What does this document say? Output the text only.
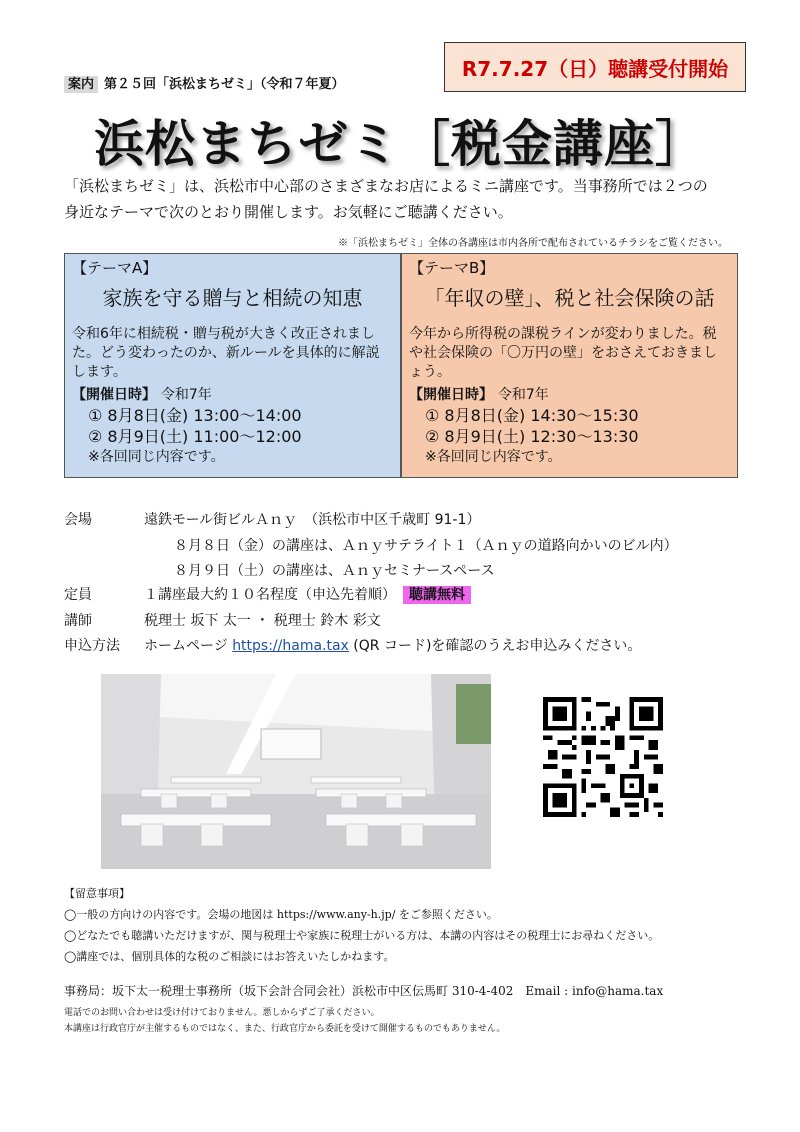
R7.7.27（日）聴講受付開始
案内 第２５回「浜松まちゼミ」（令和７年夏）
浜松まちゼミ［税金講座］
「浜松まちゼミ」は、浜松市中心部のさまざまなお店によるミニ講座です。当事務所では２つの
身近なテーマで次のとおり開催します。お気軽にご聴講ください。
※「浜松まちゼミ」全体の各講座は市内各所で配布されているチラシをご覧ください。
【テーマA】
家族を守る贈与と相続の知恵
令和6年に相続税・贈与税が大きく改正されました。どう変わったのか、新ルールを具体的に解説します。
【開催日時】 令和7年
① 8月8日(金) 13:00～14:00
② 8月9日(土) 11:00～12:00
※各回同じ内容です。
【テーマB】
「年収の壁」、税と社会保険の話
今年から所得税の課税ラインが変わりました。税や社会保険の「〇万円の壁」をおさえておきましょう。
【開催日時】 令和7年
① 8月8日(金) 14:30～15:30
② 8月9日(土) 12:30～13:30
※各回同じ内容です。
会場	遠鉄モール街ビルＡｎｙ　（浜松市中区千歳町 91-1）
８月８日（金）の講座は、Ａｎｙサテライト１（Ａｎｙの道路向かいのビル内）
８月９日（土）の講座は、Ａｎｙセミナースペース
定員	１講座最大約１０名程度（申込先着順）　 聴講無料
講師	税理士 坂下 太一 ・ 税理士 鈴木 彩文
申込方法 ホームページ https://hama.tax (QR コード)を確認のうえお申込みください。
【留意事項】
◯一般の方向けの内容です。会場の地図は https://www.any-h.jp/ をご参照ください。
◯どなたでも聴講いただけますが、関与税理士や家族に税理士がいる方は、本講の内容はその税理士にお尋ねください。
◯講座では、個別具体的な税のご相談にはお答えいたしかねます。
事務局：坂下太一税理士事務所（坂下会計合同会社）浜松市中区伝馬町 310-4-402　Email : info@hama.tax
電話でのお問い合わせは受け付けておりません。悪しからずご了承ください。
本講座は行政官庁が主催するものではなく、また、行政官庁から委託を受けて開催するものでもありません。
